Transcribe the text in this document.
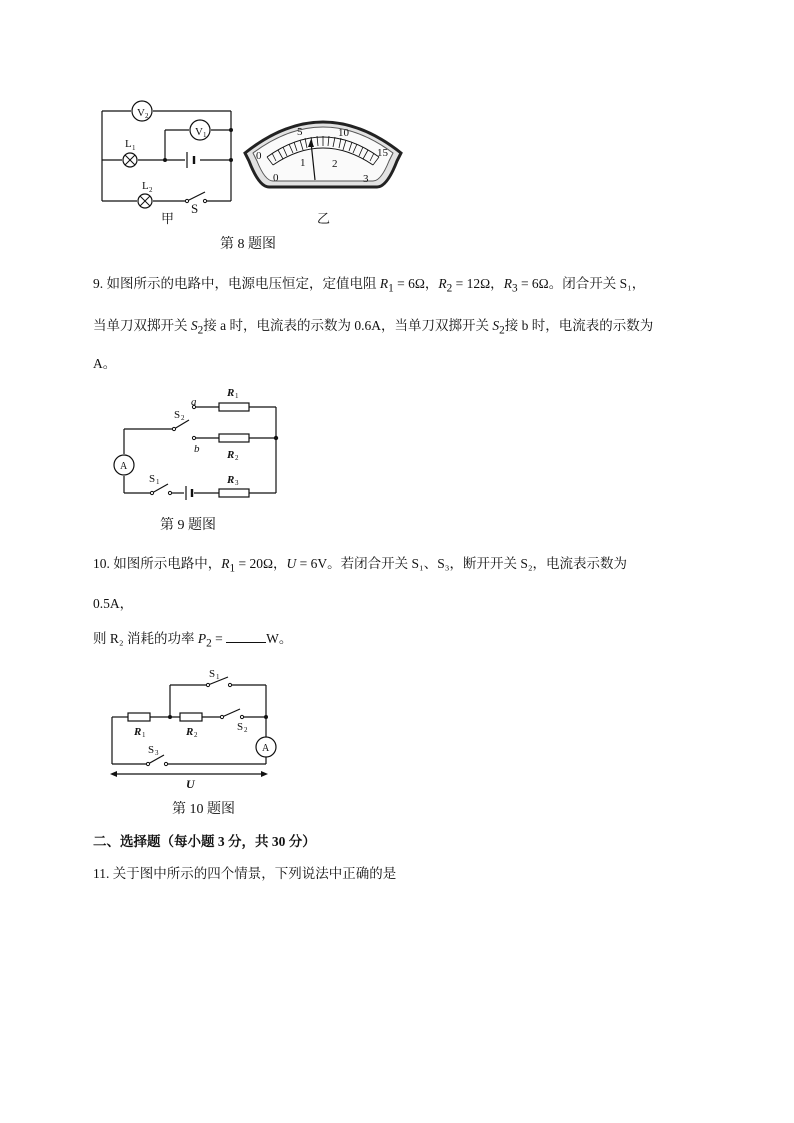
V 2
V 1
L 1
L 2
S
甲
0
5	10
15
0
1 2
3
乙
第 8 题图
9. 如图所示的电路中，电源电压恒定，定值电阻 $R_1 = 6\Omega$，$R_2 = 12\Omega$，$R_3 = 6\Omega$。闭合开关 S₁，
当单刀双掷开关 $S_2$接 a 时，电流表的示数为 0.6A，当单刀双掷开关 $S_2$接 b 时，电流表的示数为
A。
A
R 1
a
S 2
b	R 2
S 1	R 3
第 9 题图
10. 如图所示电路中，$R_1 = 20\Omega$，U = 6V。若闭合开关 S₁、S₃，断开开关 S₂，电流表示数为
0.5A，
则 R₂ 消耗的功率 $P_2$ =	W。
A
S 1
R 1	R 2
S 2
S 3
U
第 10 题图
二、选择题（每小题 3 分，共 30 分）
11. 关于图中所示的四个情景，下列说法中正确的是
